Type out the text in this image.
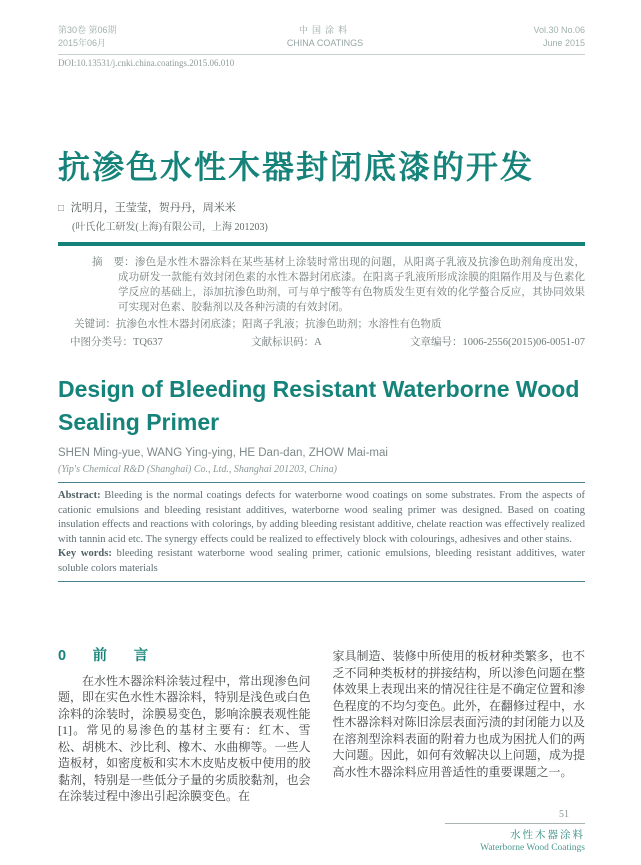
第30卷 第06期
2015年06月
中国涂料
CHINA COATINGS
Vol.30 No.06
June 2015
DOI:10.13531/j.cnki.china.coatings.2015.06.010
抗渗色水性木器封闭底漆的开发
□ 沈明月，王莹莹，贺丹丹，周米米
(叶氏化工研发(上海)有限公司，上海 201203)

摘　要：渗色是水性木器涂料在某些基材上涂装时常出现的问题，从阳离子乳液及抗渗色助剂角度出发，成功研发一款能有效封闭色素的水性木器封闭底漆。在阳离子乳液所形成涂膜的阻隔作用及与色素化学反应的基础上，添加抗渗色助剂，可与单宁酸等有色物质发生更有效的化学螯合反应，其协同效果可实现对色素、胶黏剂以及各种污渍的有效封闭。

关键词：抗渗色水性木器封闭底漆；阳离子乳液；抗渗色助剂；水溶性有色物质
中图分类号：TQ637	文献标识码：A	文章编号：1006-2556(2015)06-0051-07
Design of Bleeding Resistant Waterborne Wood Sealing Primer
SHEN Ming-yue, WANG Ying-ying, HE Dan-dan, ZHOW Mai-mai
(Yip's Chemical R&D (Shanghai) Co., Ltd., Shanghai 201203, China)

Abstract: Bleeding is the normal coatings defects for waterborne wood coatings on some substrates. From the aspects of cationic emulsions and bleeding resistant additives, waterborne wood sealing primer was designed. Based on coating insulation effects and reactions with colorings, by adding bleeding resistant additive, chelate reaction was effectively realized with tannin acid etc. The synergy effects could be realized to effectively block with colourings, adhesives and other stains.

Key words: bleeding resistant waterborne wood sealing primer, cationic emulsions, bleeding resistant additives, water soluble colors materials

0　前　言

在水性木器涂料涂装过程中，常出现渗色问题，即在实色水性木器涂料，特别是浅色或白色涂料的涂装时，涂膜易变色，影响涂膜表观性能[1]。常见的易渗色的基材主要有：红木、雪松、胡桃木、沙比利、橡木、水曲柳等。一些人造板材，如密度板和实木木皮贴皮板中使用的胶黏剂，特别是一些低分子量的劣质胶黏剂，也会在涂装过程中渗出引起涂膜变色。在

家具制造、装修中所使用的板材种类繁多，也不乏不同种类板材的拼接结构，所以渗色问题在整体效果上表现出来的情况往往是不确定位置和渗色程度的不均匀变色。此外，在翻修过程中，水性木器涂料对陈旧涂层表面污渍的封闭能力以及在溶剂型涂料表面的附着力也成为困扰人们的两大问题。因此，如何有效解决以上问题，成为提高水性木器涂料应用普适性的重要课题之一。

51
水性木器涂料
Waterborne Wood Coatings
